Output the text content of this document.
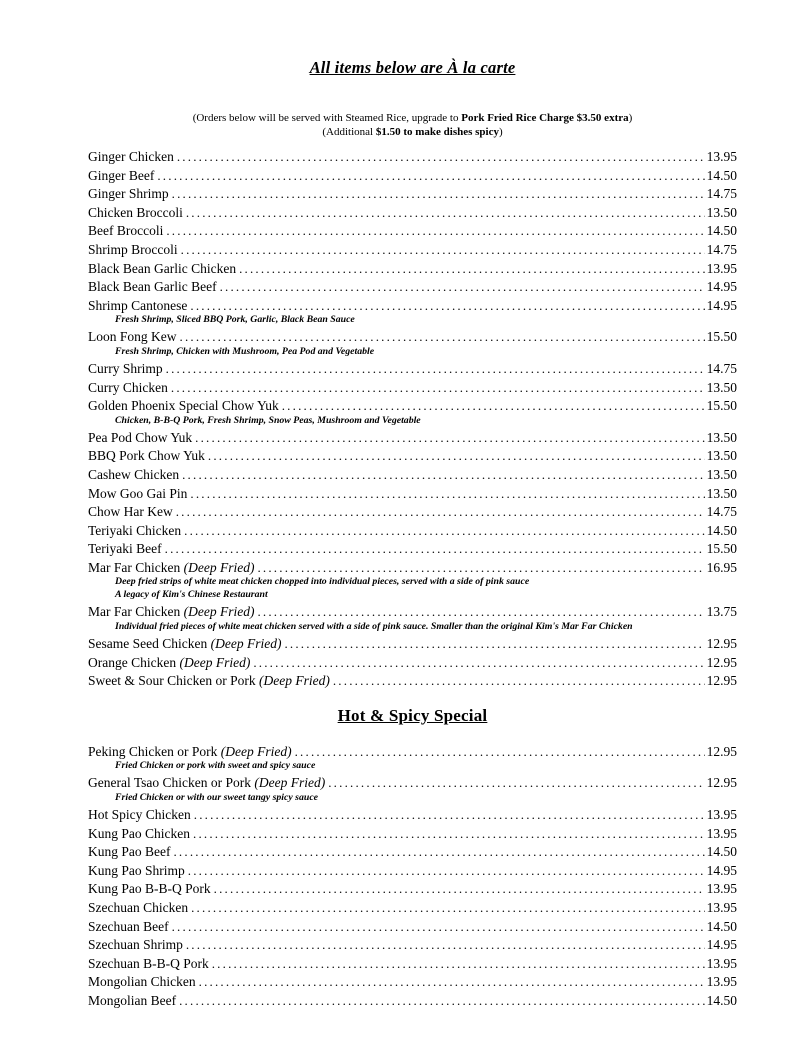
All items below are À la carte
(Orders below will be served with Steamed Rice, upgrade to Pork Fried Rice Charge $3.50 extra)
(Additional $1.50 to make dishes spicy)
Ginger Chicken .....	13.95
Ginger Beef .....	14.50
Ginger Shrimp .....	14.75
Chicken Broccoli .....	13.50
Beef Broccoli .....	14.50
Shrimp Broccoli .....	14.75
Black Bean Garlic Chicken .....	13.95
Black Bean Garlic Beef .....	14.95
Shrimp Cantonese .....	14.95
Fresh Shrimp, Sliced BBQ Pork, Garlic, Black Bean Sauce
Loon Fong Kew .....	15.50
Fresh Shrimp, Chicken with Mushroom, Pea Pod and Vegetable
Curry Shrimp .....	14.75
Curry Chicken .....	13.50
Golden Phoenix Special Chow Yuk .....	15.50
Chicken, B-B-Q Pork, Fresh Shrimp, Snow Peas, Mushroom and Vegetable
Pea Pod Chow Yuk .....	13.50
BBQ Pork Chow Yuk .....	13.50
Cashew Chicken .....	13.50
Mow Goo Gai Pin .....	13.50
Chow Har Kew .....	14.75
Teriyaki Chicken .....	14.50
Teriyaki Beef .....	15.50
Mar Far Chicken (Deep Fried) .....	16.95
Deep fried strips of white meat chicken chopped into individual pieces, served with a side of pink sauce
A legacy of Kim's Chinese Restaurant
Mar Far Chicken (Deep Fried) .....	13.75
Individual fried pieces of white meat chicken served with a side of pink sauce. Smaller than the original Kim's Mar Far Chicken
Sesame Seed Chicken (Deep Fried) .....	12.95
Orange Chicken (Deep Fried) .....	12.95
Sweet & Sour Chicken or Pork (Deep Fried) .....	12.95
Hot & Spicy Special
Peking Chicken or Pork (Deep Fried) .....	12.95
Fried Chicken or pork with sweet and spicy sauce
General Tsao Chicken or Pork (Deep Fried) .....	12.95
Fried Chicken or with our sweet tangy spicy sauce
Hot Spicy Chicken .....	13.95
Kung Pao Chicken .....	13.95
Kung Pao Beef .....	14.50
Kung Pao Shrimp .....	14.95
Kung Pao B-B-Q Pork .....	13.95
Szechuan Chicken .....	13.95
Szechuan Beef .....	14.50
Szechuan Shrimp .....	14.95
Szechuan B-B-Q Pork .....	13.95
Mongolian Chicken .....	13.95
Mongolian Beef .....	14.50
